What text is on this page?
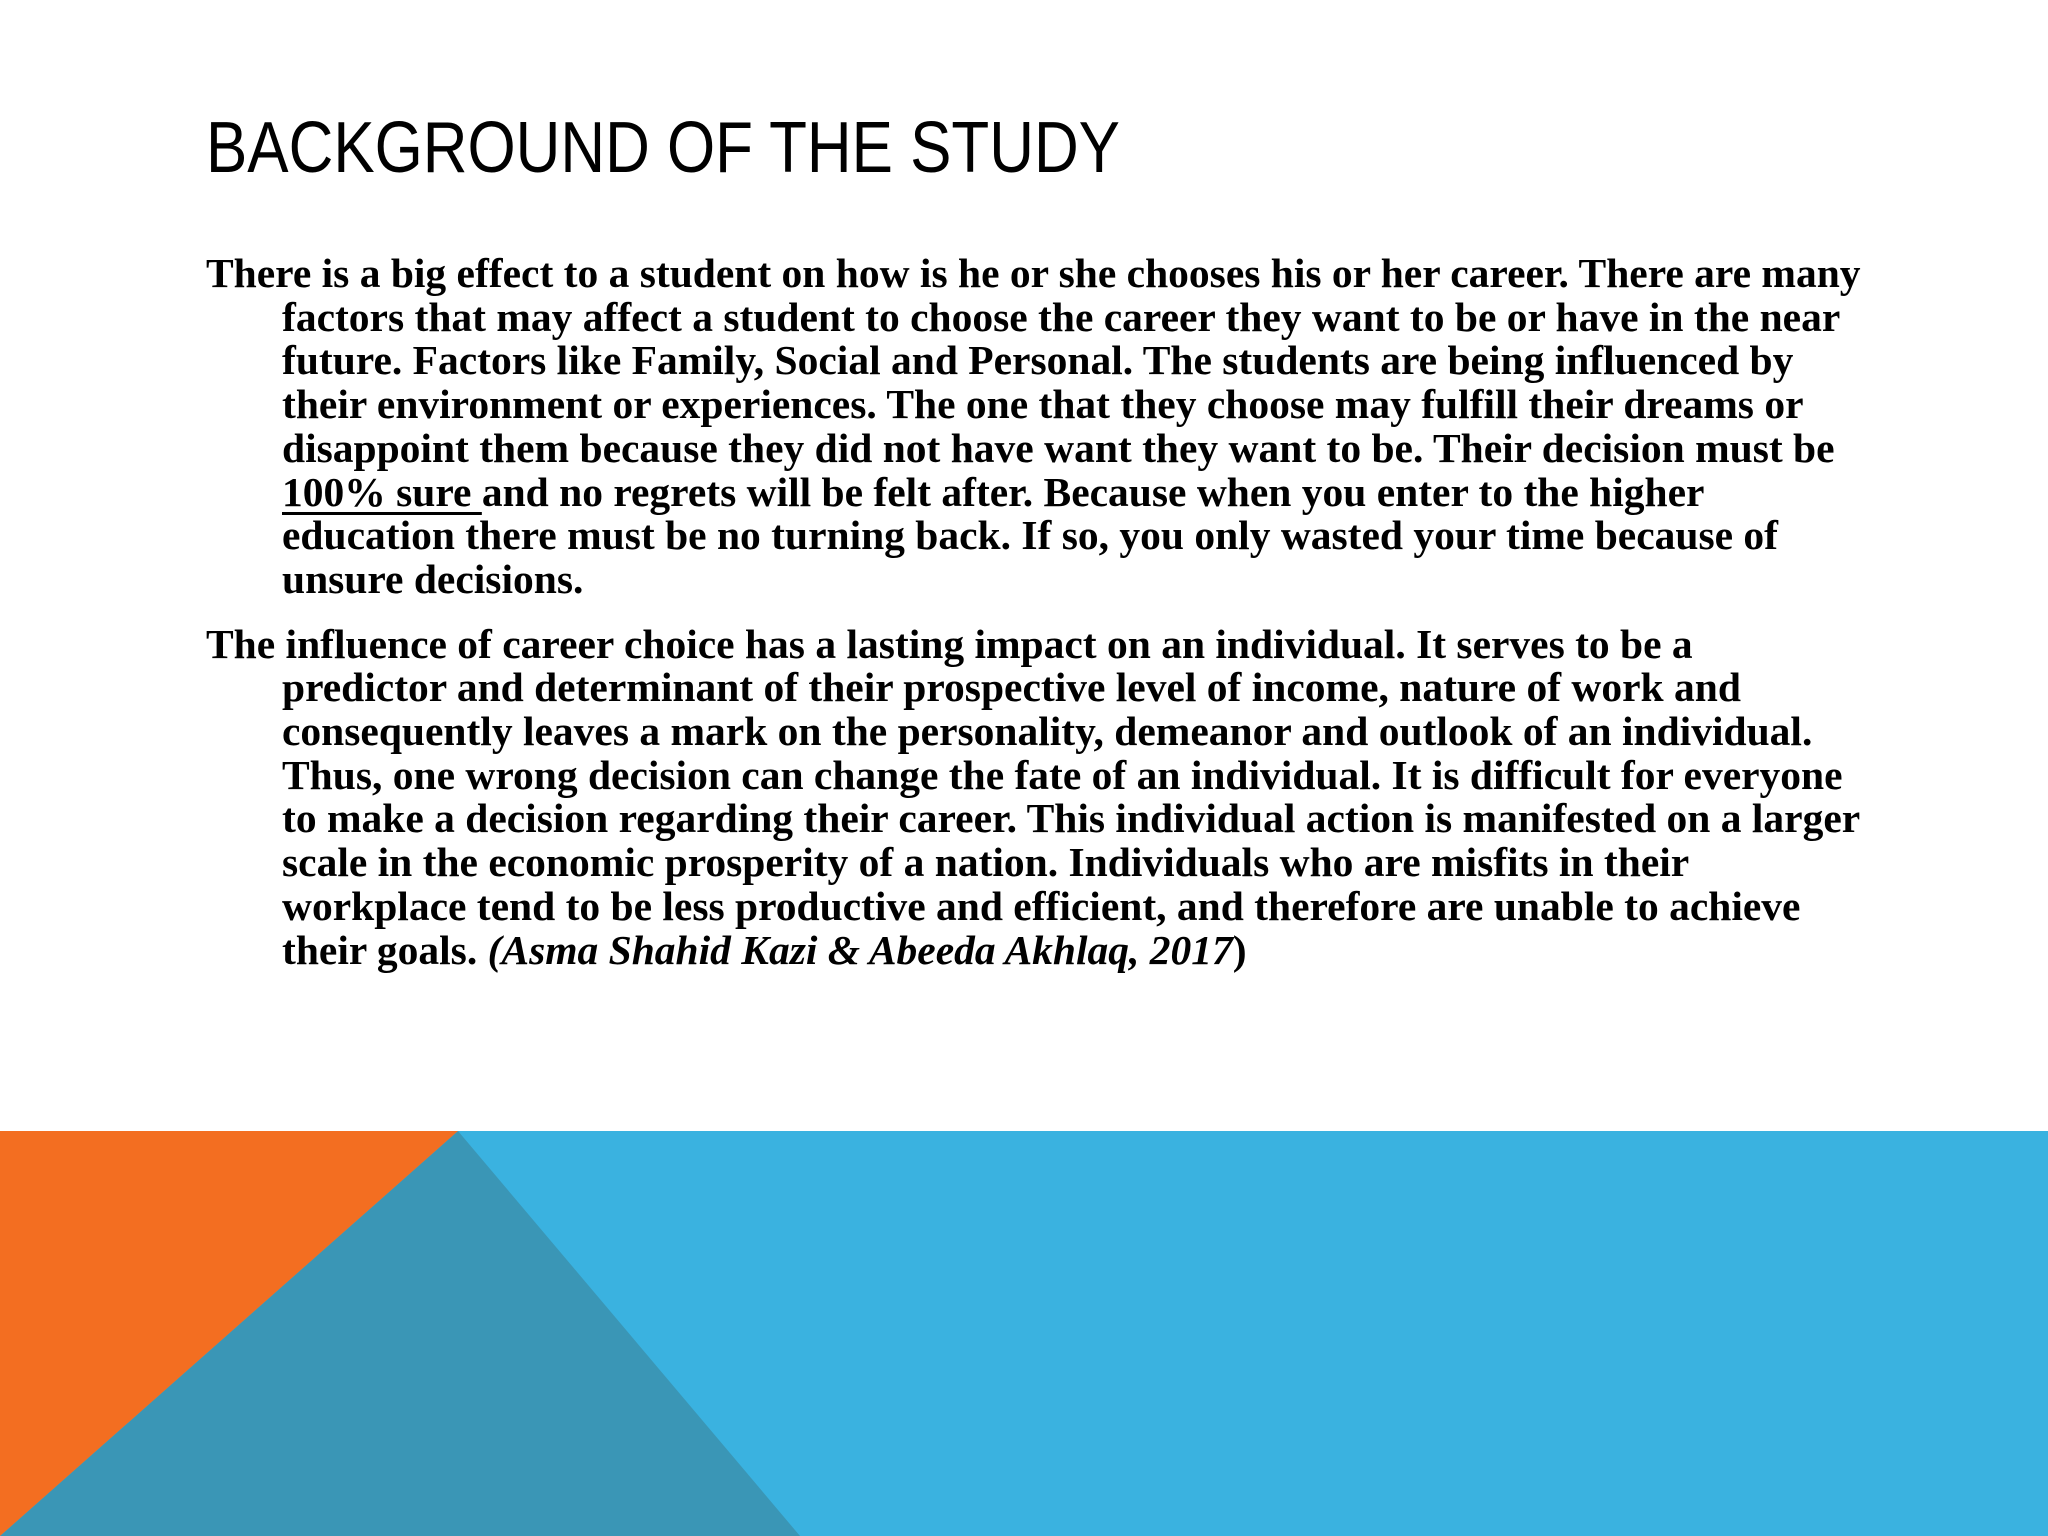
BACKGROUND OF THE STUDY

There is a big effect to a student on how is he or she chooses his or her career. There are many factors that may affect a student to choose the career they want to be or have in the near future. Factors like Family, Social and Personal. The students are being influenced by their environment or experiences. The one that they choose may fulfill their dreams or disappoint them because they did not have want they want to be. Their decision must be 100% sure and no regrets will be felt after. Because when you enter to the higher education there must be no turning back. If so, you only wasted your time because of unsure decisions.

The influence of career choice has a lasting impact on an individual. It serves to be a predictor and determinant of their prospective level of income, nature of work and consequently leaves a mark on the personality, demeanor and outlook of an individual. Thus, one wrong decision can change the fate of an individual. It is difficult for everyone to make a decision regarding their career. This individual action is manifested on a larger scale in the economic prosperity of a nation. Individuals who are misfits in their workplace tend to be less productive and efficient, and therefore are unable to achieve their goals. (Asma Shahid Kazi & Abeeda Akhlaq, 2017)
